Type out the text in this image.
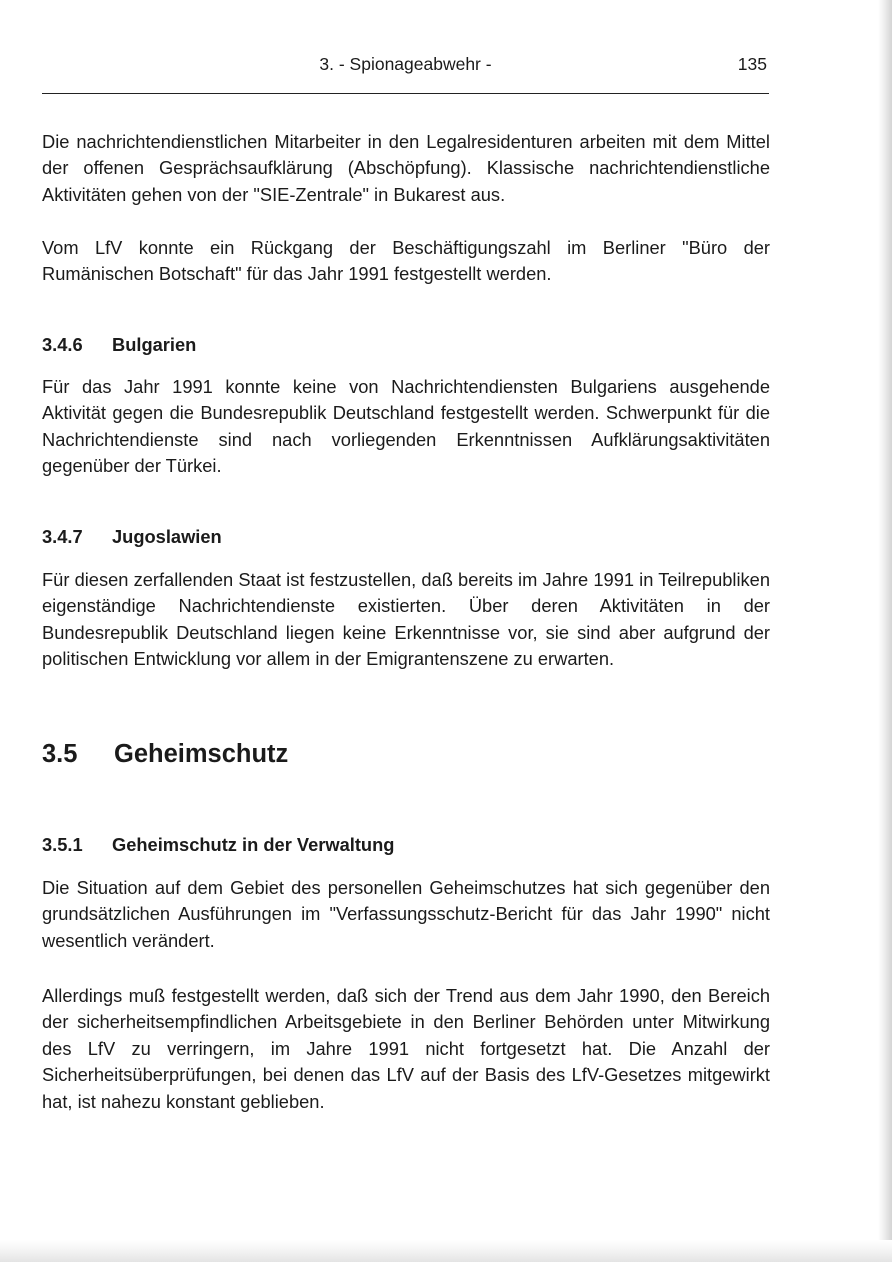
3. - Spionageabwehr -	135

Die nachrichtendienstlichen Mitarbeiter in den Legalresidenturen arbeiten mit dem Mittel der offenen Gesprächsaufklärung (Abschöpfung). Klassische nachrichtendienstliche Aktivitäten gehen von der "SIE-Zentrale" in Bukarest aus.

Vom LfV konnte ein Rückgang der Beschäftigungszahl im Berliner "Büro der Rumänischen Botschaft" für das Jahr 1991 festgestellt werden.

3.4.6 Bulgarien

Für das Jahr 1991 konnte keine von Nachrichtendiensten Bulgariens ausgehende Aktivität gegen die Bundesrepublik Deutschland festgestellt werden. Schwerpunkt für die Nachrichtendienste sind nach vorliegenden Erkenntnissen Aufklärungsaktivitäten gegenüber der Türkei.

3.4.7 Jugoslawien

Für diesen zerfallenden Staat ist festzustellen, daß bereits im Jahre 1991 in Teilrepubliken eigenständige Nachrichtendienste existierten. Über deren Aktivitäten in der Bundesrepublik Deutschland liegen keine Erkenntnisse vor, sie sind aber aufgrund der politischen Entwicklung vor allem in der Emigrantenszene zu erwarten.

3.5 Geheimschutz
3.5.1 Geheimschutz in der Verwaltung

Die Situation auf dem Gebiet des personellen Geheimschutzes hat sich gegenüber den grundsätzlichen Ausführungen im "Verfassungsschutz-Bericht für das Jahr 1990" nicht wesentlich verändert.

Allerdings muß festgestellt werden, daß sich der Trend aus dem Jahr 1990, den Bereich der sicherheitsempfindlichen Arbeitsgebiete in den Berliner Behörden unter Mitwirkung des LfV zu verringern, im Jahre 1991 nicht fortgesetzt hat. Die Anzahl der Sicherheitsüberprüfungen, bei denen das LfV auf der Basis des LfV-Gesetzes mitgewirkt hat, ist nahezu konstant geblieben.
